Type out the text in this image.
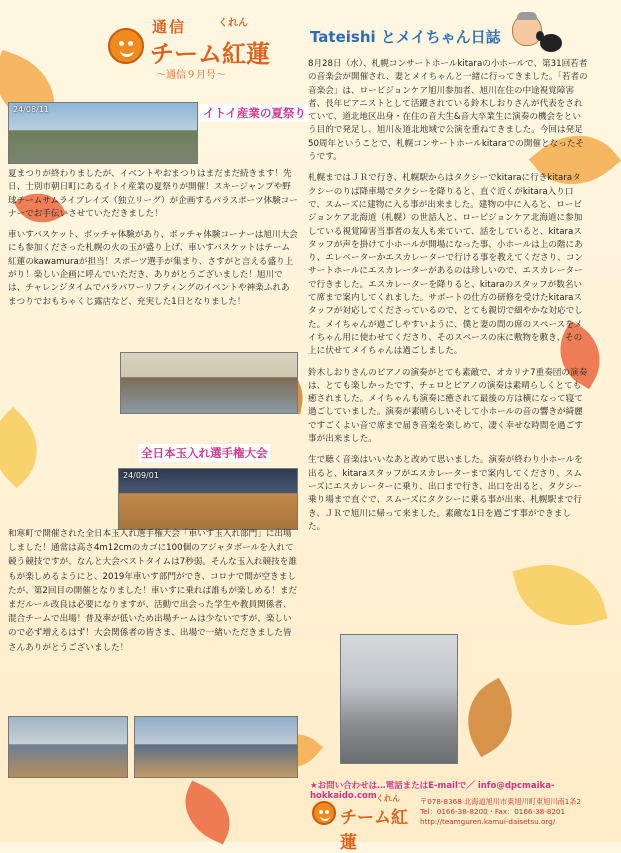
通信	くれん
チーム紅蓮
～通信９月号～
Tateishi とメイちゃん日誌
24/08/11	イトイ産業の夏祭り

夏まつりが終わりましたが、イベントやおまつりはまだまだ続きます！先日、士別市朝日町にあるイトイ産業の夏祭りが開催！スキージャンプや野球チームサムライブレイズ（独立リーグ）が企画するパラスポーツ体験コーナーでお手伝いさせていただきました！

車いすバスケット、ボッチャ体験があり、ボッチャ体験コーナーは旭川大会にも参加くださった札幌の火の玉が盛り上げ、車いすバスケットはチーム紅蓮のkawamuraが担当！スポーツ選手が集まり、さすがと言える盛り上がり！楽しい企画に呼んでいただき、ありがとうございました！旭川では、チャレンジタイムでパラパワーリフティングのイベントや神楽ふれあまつりでおもちゃくじ露店など、充実した1日となりました！

全日本玉入れ選手権大会
24/09/01

和寒町で開催された全日本玉入れ選手権大会「車いす玉入れ部門」に出場しました！通常は高さ4m12cmのカゴに100個のアジャタボールを入れて競う競技ですが、なんと大会ベストタイムは7秒弱。そんな玉入れ競技を誰もが楽しめるようにと、2019年車いす部門ができ、コロナで間が空きましたが、第2回目の開催となりました！車いすに乗れば誰もが楽しめる！まだまだルール改良は必要になりますが、活動で出会った学生や教員関係者、混合チームで出場！普及率が低いため出場チームは少ないですが、楽しいので必ず増えるはず！大会関係者の皆さま、出場で一緒いただきました皆さんありがとうございました！

8月28日（水）、札幌コンサートホールkitaraの小ホールで、第31回若者の音楽会が開催され、妻とメイちゃんと一緒に行ってきました。「若者の音楽会」は、ロービジョンケア旭川参加者、旭川在住の中途視覚障害者、長年ピアニストとして活躍されている鈴木しおりさんが代表をされていて、道北地区出身・在住の音大生&音大卒業生に演奏の機会をという目的で発足し、旭川＆道北地域で公演を重ねてきました。今回は発足50周年ということで、札幌コンサートホールkitaraでの開催となったそうです。

札幌まではＪＲで行き、札幌駅からはタクシーでkitaraに行きkitaraタクシーのりば降車場でタクシーを降りると、直ぐ近くがkitara入り口で、スムーズに建物に入る事が出来ました。建物の中に入ると、ロービジョンケア北海道（札幌）の世話人と、ロービジョンケア北海道に参加している視覚障害当事者の友人も来ていて、話をしていると、kitaraスタッフが声を掛けて小ホールが開場になった事、小ホールは上の階にあり、エレベーターかエスカレーターで行ける事を教えてくださり、コンサートホールにエスカレーターがあるのは珍しいので、エスカレーターで行きました。エスカレーターを降りると、kitaraのスタッフが数名いて席まで案内してくれました。サポートの仕方の研修を受けたkitaraスタッフが対応してくださっているので、とても親切で細やかな対応でした。メイちゃんが過ごしやすいように、僕と妻の間の席のスペースをメイちゃん用に使わせてくださり、そのスペースの床に敷物を敷き、その上に伏せてメイちゃんは過ごしました。

鈴木しおりさんのピアノの演奏がとても素敵で、オカリナ7重奏団の演奏は、とても楽しかったです、チェロとピアノの演奏は素晴らしくとても癒されました。メイちゃんも演奏に癒されて最後の方は横になって寝て過ごしていました。演奏が素晴らしいそして小ホールの音の響きが綺麗ですごくよい音で席まで届き音楽を楽しめて、凄く幸せな時間を過ごす事が出来ました。

生で聴く音楽はいいなあと改めて思いました。演奏が終わり小ホールを出ると、kitaraスタッフがエスカレーターまで案内してくださり、スムーズにエスカレーターに乗り、出口まで行き、出口を出ると、タクシー乗り場まで直ぐで、スムーズにタクシーに乗る事が出来、札幌駅まで行き、ＪＲで旭川に帰って来ました。素敵な1日を過ごす事ができました。

★お問い合わせは…電話またはE-mailで／ info@dpcmaika-hokkaido.com くれん
チーム紅蓮
〒078-8368 北海道旭川市東旭川町東旭川南1条2
Tel：0166-38-8200・Fax：0166-38-8201
http://teamguren.kamui-daisetsu.org/
